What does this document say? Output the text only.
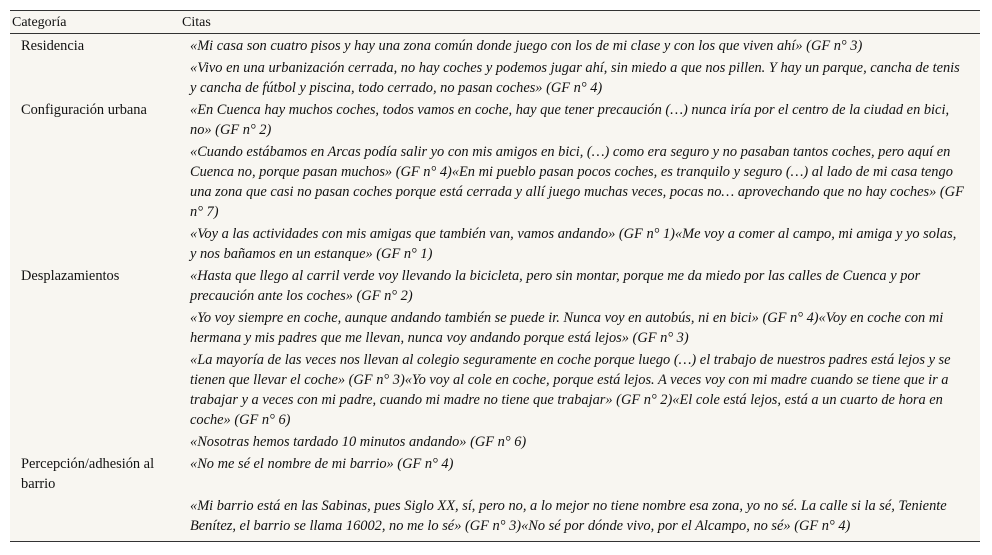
Categoría	Citas
Residencia	«Mi casa son cuatro pisos y hay una zona común donde juego con los de mi clase y con los que viven ahí» (GF n° 3)
	«Vivo en una urbanización cerrada, no hay coches y podemos jugar ahí, sin miedo a que nos pillen. Y hay un parque, cancha de tenis y cancha de fútbol y piscina, todo cerrado, no pasan coches» (GF n° 4)
Configuración urbana	«En Cuenca hay muchos coches, todos vamos en coche, hay que tener precaución (…) nunca iría por el centro de la ciudad en bici, no» (GF n° 2)
	«Cuando estábamos en Arcas podía salir yo con mis amigos en bici, (…) como era seguro y no pasaban tantos coches, pero aquí en Cuenca no, porque pasan muchos» (GF n° 4)«En mi pueblo pasan pocos coches, es tranquilo y seguro (…) al lado de mi casa tengo una zona que casi no pasan coches porque está cerrada y allí juego muchas veces, pocas no… aprovechando que no hay coches» (GF n° 7)
	«Voy a las actividades con mis amigas que también van, vamos andando» (GF n° 1)«Me voy a comer al campo, mi amiga y yo solas, y nos bañamos en un estanque» (GF n° 1)
Desplazamientos	«Hasta que llego al carril verde voy llevando la bicicleta, pero sin montar, porque me da miedo por las calles de Cuenca y por precaución ante los coches» (GF n° 2)
	«Yo voy siempre en coche, aunque andando también se puede ir. Nunca voy en autobús, ni en bici» (GF n° 4)«Voy en coche con mi hermana y mis padres que me llevan, nunca voy andando porque está lejos» (GF n° 3)
	«La mayoría de las veces nos llevan al colegio seguramente en coche porque luego (…) el trabajo de nuestros padres está lejos y se tienen que llevar el coche» (GF n° 3)«Yo voy al cole en coche, porque está lejos. A veces voy con mi madre cuando se tiene que ir a trabajar y a veces con mi padre, cuando mi madre no tiene que trabajar» (GF n° 2)«El cole está lejos, está a un cuarto de hora en coche» (GF n° 6)
	«Nosotras hemos tardado 10 minutos andando» (GF n° 6)
Percepción/adhesión al barrio	«No me sé el nombre de mi barrio» (GF n° 4)
	«Mi barrio está en las Sabinas, pues Siglo XX, sí, pero no, a lo mejor no tiene nombre esa zona, yo no sé. La calle si la sé, Teniente Benítez, el barrio se llama 16002, no me lo sé» (GF n° 3)«No sé por dónde vivo, por el Alcampo, no sé» (GF n° 4)
